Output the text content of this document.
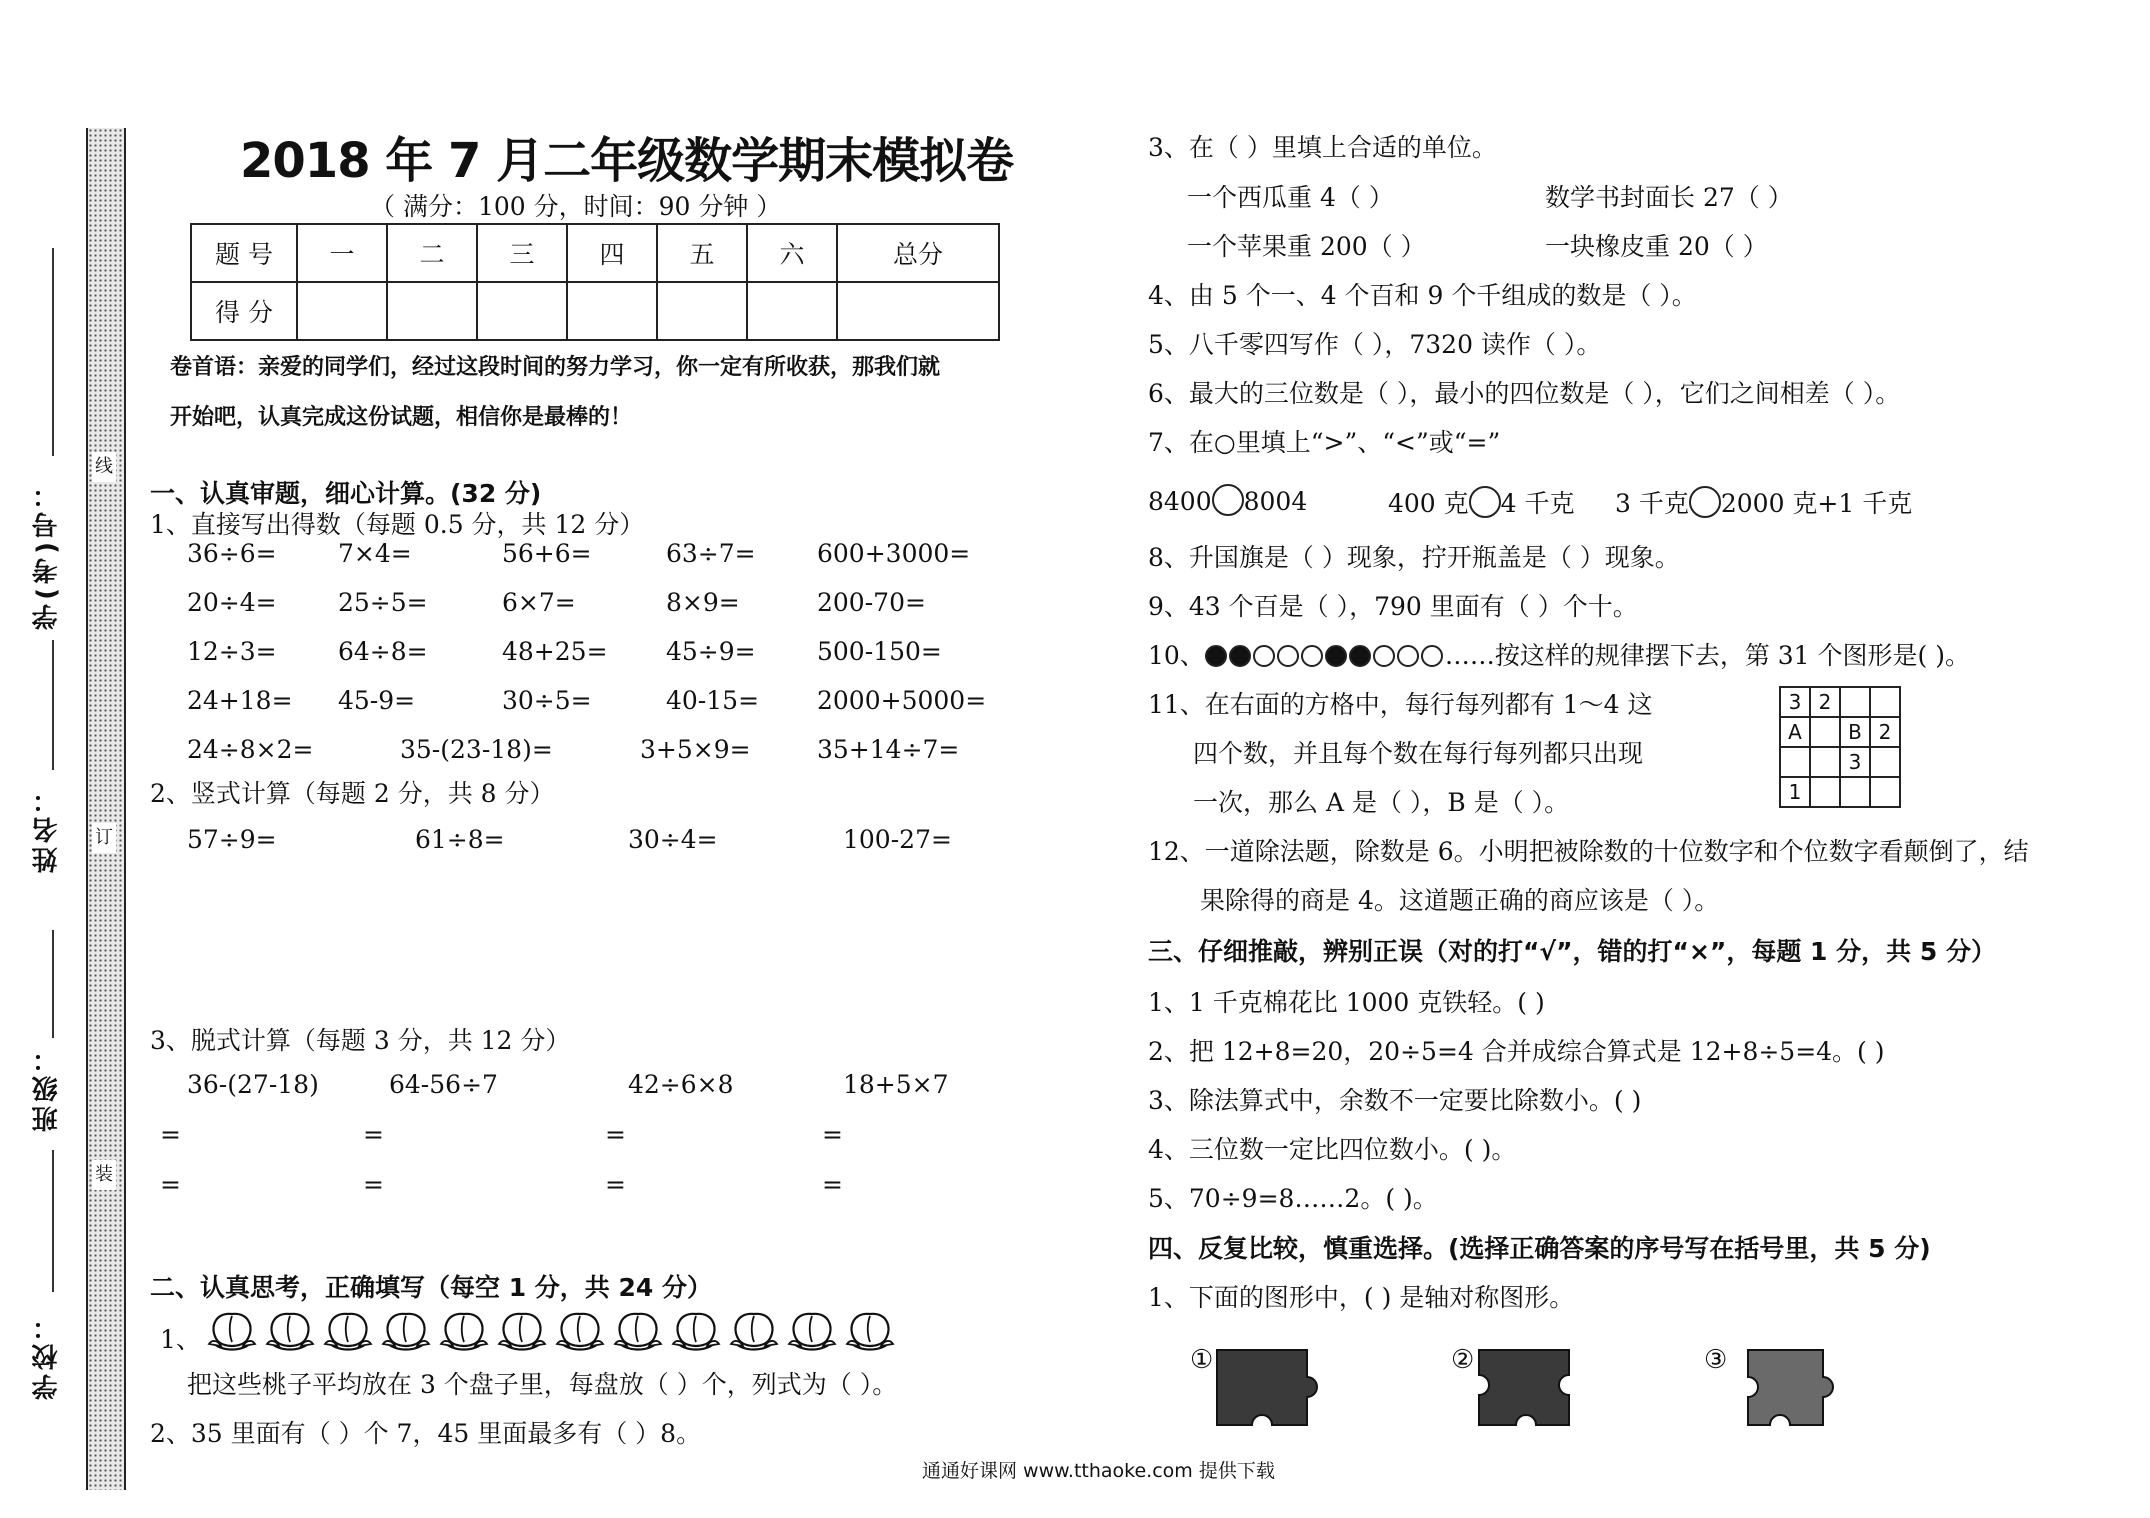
线
订
装
学(考)号：
姓名：
班级：
学校：
2018 年 7 月二年级数学期末模拟卷
（ 满分：100 分，时间：90 分钟 ）
题 号	一	二	三	四	五	六	总分
得 分							
卷首语：亲爱的同学们，经过这段时间的努力学习，你一定有所收获，那我们就
开始吧，认真完成这份试题，相信你是最棒的！
一、认真审题，细心计算。(32 分)
1、直接写出得数（每题 0.5 分，共 12 分）
36÷6= 7×4=	56+6=	63÷7= 600+3000=
20÷4= 25÷5=	6×7=	8×9=	200-70=
12÷3= 64÷8=	48+25= 45÷9= 500-150=
24+18= 45-9=	30÷5=	40-15= 2000+5000=
24÷8×2=	35-(23-18)=	3+5×9=	35+14÷7=
2、竖式计算（每题 2 分，共 8 分）
57÷9=	61÷8=	30÷4=	100-27=
3、脱式计算（每题 3 分，共 12 分）
36-(27-18)	64-56÷7	42÷6×8	18+5×7
=	=	=	=
=	=	=	=
二、认真思考，正确填写（每空 1 分，共 24 分）
1、
把这些桃子平均放在 3 个盘子里，每盘放（ ）个，列式为（ ）。
2、35 里面有（ ）个 7，45 里面最多有（ ）8。
3、在（ ）里填上合适的单位。
一个西瓜重 4（ ）	数学书封面长 27（ ）
一个苹果重 200（ ）	一块橡皮重 20（ ）
4、由 5 个一、4 个百和 9 个千组成的数是（ ）。
5、八千零四写作（ ），7320 读作（ ）。
6、最大的三位数是（ ），最小的四位数是（ ），它们之间相差（ ）。
7、在○里填上“>”、“<”或“=”
8400 8004	400 克 4 千克 3 千克 2000 克+1 千克
8、升国旗是（ ）现象，拧开瓶盖是（ ）现象。
9、43 个百是（ ），790 里面有（ ）个十。
10、	……按这样的规律摆下去，第 31 个图形是( )。
11、在右面的方格中，每行每列都有 1～4 这
四个数，并且每个数在每行每列都只出现
一次，那么 A 是（ ），B 是（ ）。
3	2		
A		B	2
		3	
1			
12、一道除法题，除数是 6。小明把被除数的十位数字和个位数字看颠倒了，结
果除得的商是 4。这道题正确的商应该是（ ）。
三、仔细推敲，辨别正误（对的打“√”，错的打“×”，每题 1 分，共 5 分）
1、1 千克棉花比 1000 克铁轻。( )
2、把 12+8=20，20÷5=4 合并成综合算式是 12+8÷5=4。( )
3、除法算式中，余数不一定要比除数小。( )
4、三位数一定比四位数小。( )。
5、70÷9=8……2。( )。
四、反复比较，慎重选择。(选择正确答案的序号写在括号里，共 5 分)
1、下面的图形中，( ) 是轴对称图形。
①	②	③
通通好课网 www.tthaoke.com 提供下载
